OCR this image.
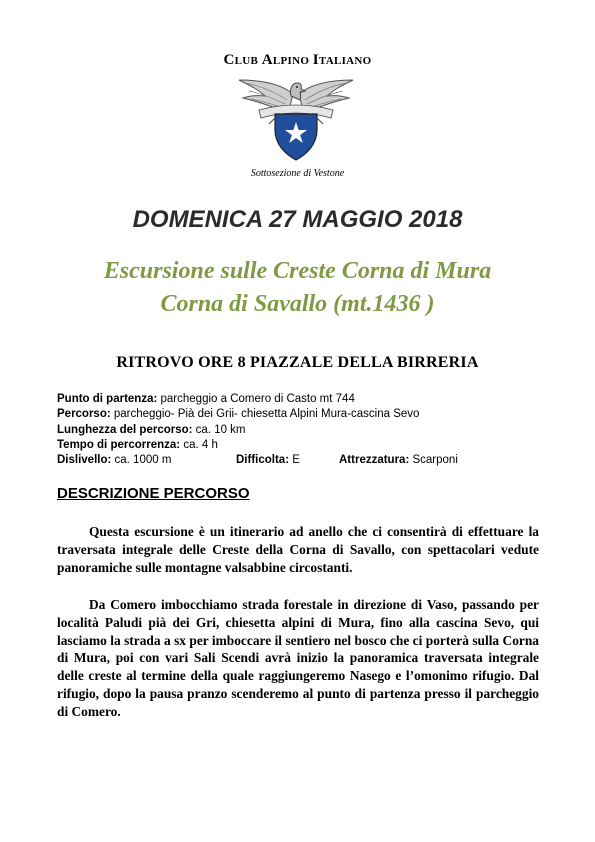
CLUB ALPINO ITALIANO
Sottosezione di Vestone
DOMENICA 27 MAGGIO 2018
Escursione sulle Creste Corna di Mura
Corna di Savallo (mt.1436 )
RITROVO ORE 8 PIAZZALE DELLA BIRRERIA
Punto di partenza: parcheggio a Comero di Casto mt 744
Percorso: parcheggio- Pià dei Grii- chiesetta Alpini Mura-cascina Sevo
Lunghezza del percorso: ca. 10 km
Tempo di percorrenza: ca. 4 h
Dislivello: ca. 1000 m	Difficolta: E	Attrezzatura: Scarponi
DESCRIZIONE PERCORSO
Questa escursione è un itinerario ad anello che ci consentirà di effettuare la traversata integrale delle Creste della Corna di Savallo, con spettacolari vedute panoramiche sulle montagne valsabbine circostanti.
Da Comero imbocchiamo strada forestale in direzione di Vaso, passando per località Paludi pià dei Gri, chiesetta alpini di Mura, fino alla cascina Sevo, qui lasciamo la strada a sx per imboccare il sentiero nel bosco che ci porterà sulla Corna di Mura, poi con vari Sali Scendi avrà inizio la panoramica traversata integrale delle creste al termine della quale raggiungeremo Nasego e l’omonimo rifugio. Dal rifugio, dopo la pausa pranzo scenderemo al punto di partenza presso il parcheggio di Comero.
